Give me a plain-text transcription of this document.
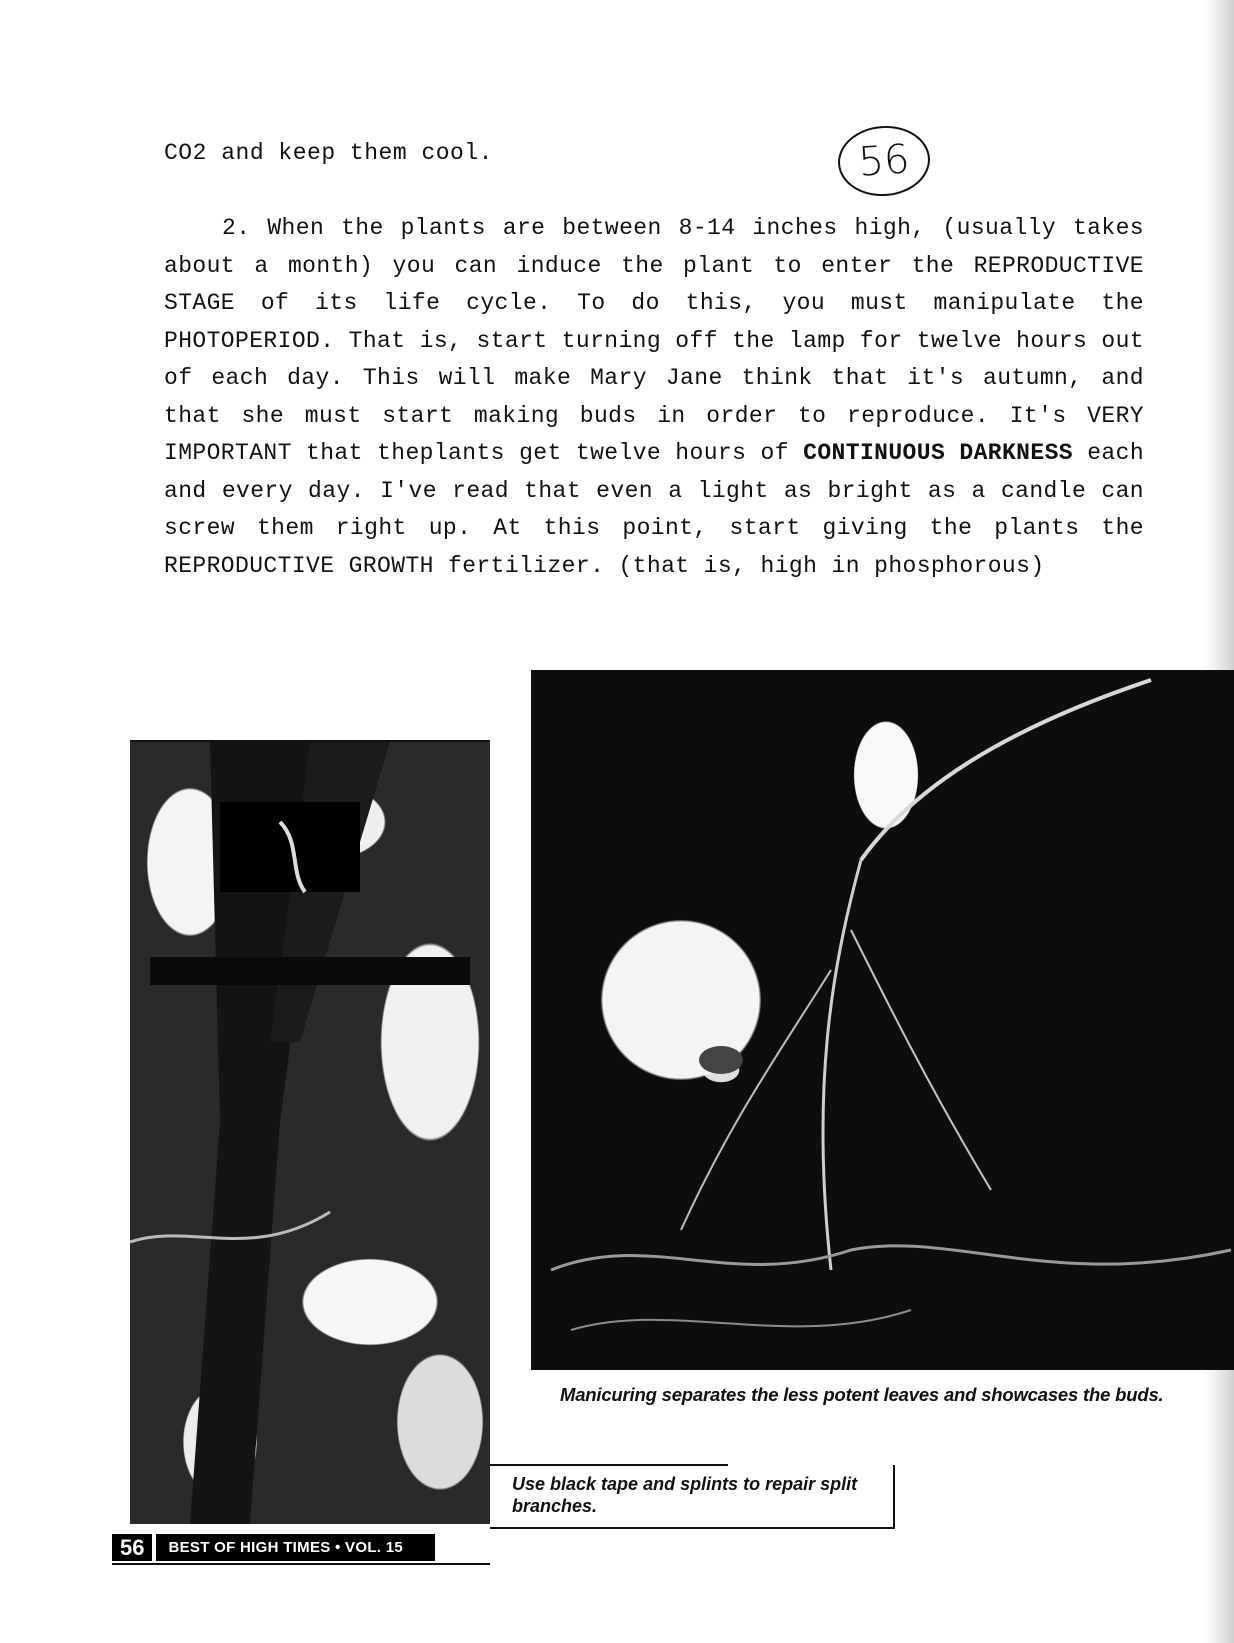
CO2 and keep them cool.	56

2. When the plants are between 8-14 inches high, (usually takes about a month) you can induce the plant to enter the REPRODUCTIVE STAGE of its life cycle. To do this, you must manipulate the PHOTOPERIOD. That is, start turning off the lamp for twelve hours out of each day. This will make Mary Jane think that it's autumn, and that she must start making buds in order to reproduce. It's VERY IMPORTANT that theplants get twelve hours of CONTINUOUS DARKNESS each and every day. I've read that even a light as bright as a candle can screw them right up. At this point, start giving the plants the REPRODUCTIVE GROWTH fertilizer. (that is, high in phosphorous)

Manicuring separates the less potent leaves and showcases the buds.

Use black tape and splints to repair split branches.

56	BEST OF HIGH TIMES • VOL. 15
